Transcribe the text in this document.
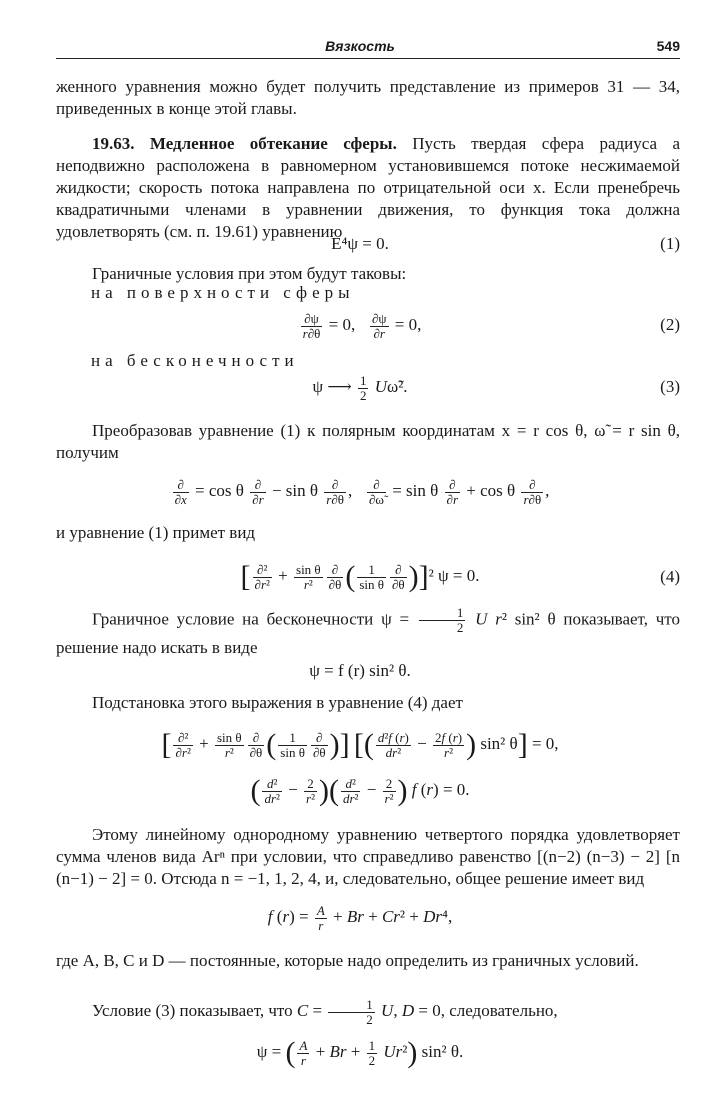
Вязкость	549
женного уравнения можно будет получить представление из примеров 31 — 34, приведенных в конце этой главы.
19.63. Медленное обтекание сферы. Пусть твердая сфера радиуса a неподвижно расположена в равномерном установившемся потоке несжимаемой жидкости; скорость потока направлена по отрицательной оси x. Если пренебречь квадратичными членами в уравнении движения, то функция тока должна удовлетворять (см. п. 19.61) уравнению
E⁴ψ = 0.	(1)
Граничные условия при этом будут таковы:
на поверхности сферы
$\frac{\partial\psi}{r\partial\theta} = 0$, $\frac{\partial\psi}{\partial r} = 0$,	(2)
на бесконечности
ψ ⟶ $\frac{1}{2}$ Uω̃².	(3)
Преобразовав уравнение (1) к полярным координатам x = r cos θ, ω̃ = r sin θ, получим
∂
∂x = cos θ ∂
∂r − sin θ ∂
r∂θ , ∂
∂ω̃ = sin θ ∂
∂r + cos θ ∂
r∂θ ,
и уравнение (1) примет вид
[ ∂²
$\partial r^2 + \frac{\text{sin θ}}{\text{r²}}$ ∂
∂θ ( $\frac{1}{\text{sin θ}}$ ∂
∂θ )]² ψ = 0.	(4)
Граничное условие на бесконечности $\psi = \frac{1}{2}$ U r² sin² θ показывает, что решение надо искать в виде
ψ = f (r) sin² θ.
Подстановка этого выражения в уравнение (4) дает
[ ∂²
$\partial r^2 + \frac{\text{sin θ}}{\text{r²}}$ ∂
∂θ ( $\frac{1}{\text{sin θ}}$ ∂
∂θ )] [( $\frac{\text{d²f (r)}}{\text{dr²}} - \frac{2f (r)}{\text{r²}}$ ) sin² θ] = 0,
( $\frac{\text{d²}}{\text{dr²}} - \frac{2}{\text{r²}}$ )( $\frac{\text{d²}}{\text{dr²}} - \frac{2}{\text{r²}}$ ) f (r) = 0.
Этому линейному однородному уравнению четвертого порядка удовлетворяет сумма членов вида Arⁿ при условии, что справедливо равенство [(n−2) (n−3) − 2] [n (n−1) − 2] = 0. Отсюда n = −1, 1, 2, 4, и, следовательно, общее решение имеет вид
f $(r) = \frac{A}{r} + Br + Cr^2 + Dr^4$,
где A, B, C и D — постоянные, которые надо определить из граничных условий.
Условие (3) показывает, что $C = \frac{1}{2} U$, D = 0, следовательно,
ψ = ( $\frac{A}{r} + Br + \frac{1}{2} Ur^2$) sin² θ.
